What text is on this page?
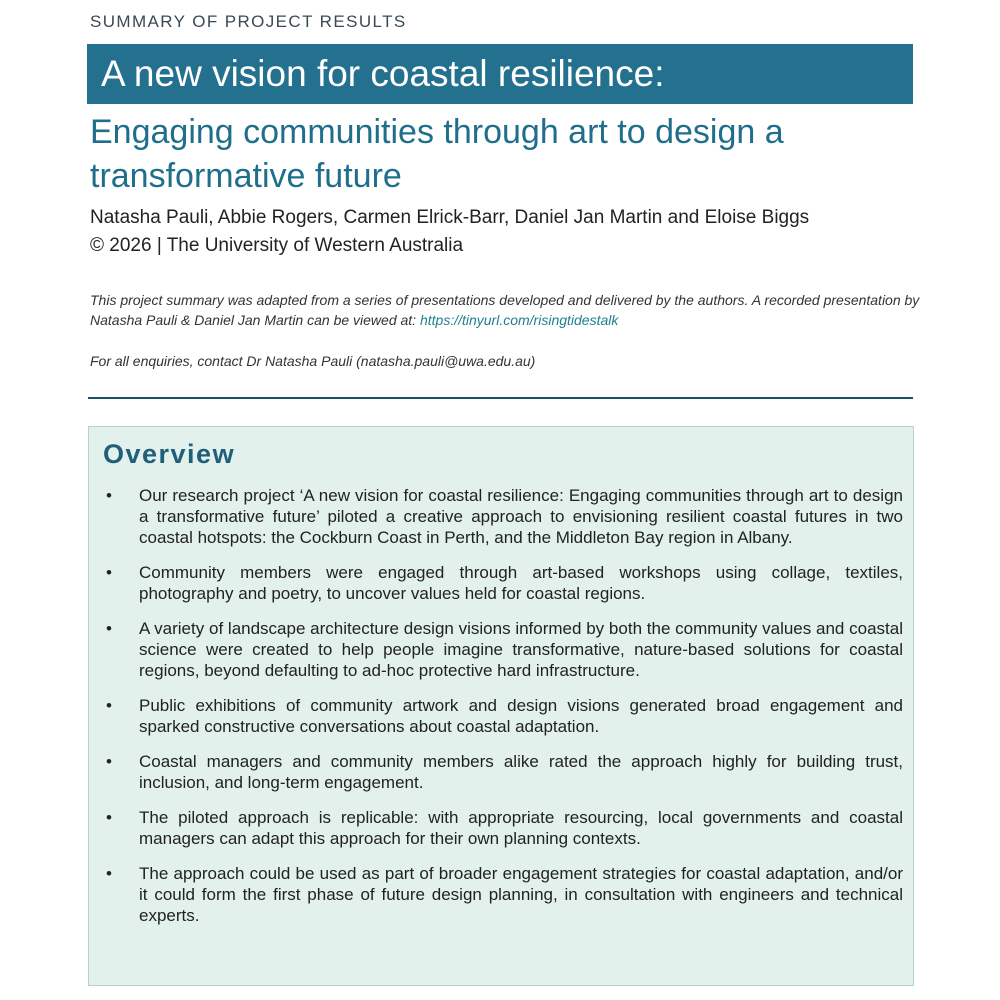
SUMMARY OF PROJECT RESULTS
A new vision for coastal resilience:
Engaging communities through art to design a transformative future
Natasha Pauli, Abbie Rogers, Carmen Elrick-Barr, Daniel Jan Martin and Eloise Biggs
© 2026 | The University of Western Australia
This project summary was adapted from a series of presentations developed and delivered by the authors. A recorded presentation by Natasha Pauli & Daniel Jan Martin can be viewed at: https://tinyurl.com/risingtidestalk
For all enquiries, contact Dr Natasha Pauli (natasha.pauli@uwa.edu.au)
Overview
• Our research project ‘A new vision for coastal resilience: Engaging communities through art to design a transformative future’ piloted a creative approach to envisioning resilient coastal futures in two coastal hotspots: the Cockburn Coast in Perth, and the Middleton Bay region in Albany.
• Community members were engaged through art-based workshops using collage, textiles, photography and poetry, to uncover values held for coastal regions.
• A variety of landscape architecture design visions informed by both the community values and coastal science were created to help people imagine transformative, nature-based solutions for coastal regions, beyond defaulting to ad-hoc protective hard infrastructure.
• Public exhibitions of community artwork and design visions generated broad engagement and sparked constructive conversations about coastal adaptation.
• Coastal managers and community members alike rated the approach highly for building trust, inclusion, and long-term engagement.
• The piloted approach is replicable: with appropriate resourcing, local governments and coastal managers can adapt this approach for their own planning contexts.
• The approach could be used as part of broader engagement strategies for coastal adaptation, and/or it could form the first phase of future design planning, in consultation with engineers and technical experts.
